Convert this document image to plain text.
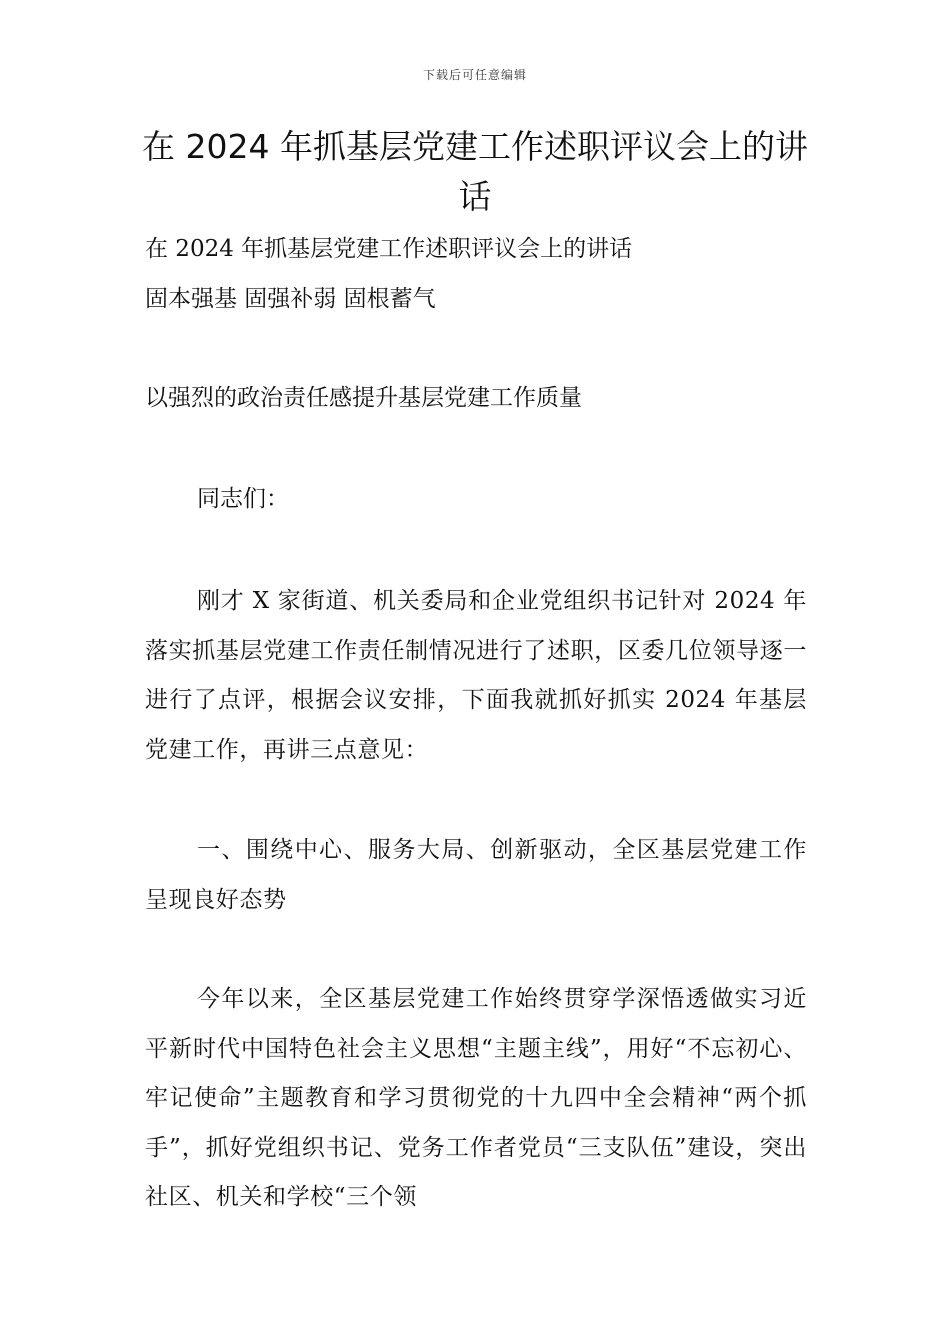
下载后可任意编辑
在 2024 年抓基层党建工作述职评议会上的讲话

在 2024 年抓基层党建工作述职评议会上的讲话

固本强基 固强补弱 固根蓄气

以强烈的政治责任感提升基层党建工作质量

同志们：

刚才 X 家街道、机关委局和企业党组织书记针对 2024 年落实抓基层党建工作责任制情况进行了述职，区委几位领导逐一进行了点评，根据会议安排，下面我就抓好抓实 2024 年基层党建工作，再讲三点意见：

一、围绕中心、服务大局、创新驱动，全区基层党建工作呈现良好态势

今年以来，全区基层党建工作始终贯穿学深悟透做实习近平新时代中国特色社会主义思想“主题主线”，用好“不忘初心、牢记使命”主题教育和学习贯彻党的十九四中全会精神“两个抓手”，抓好党组织书记、党务工作者党员“三支队伍”建设，突出社区、机关和学校“三个领
